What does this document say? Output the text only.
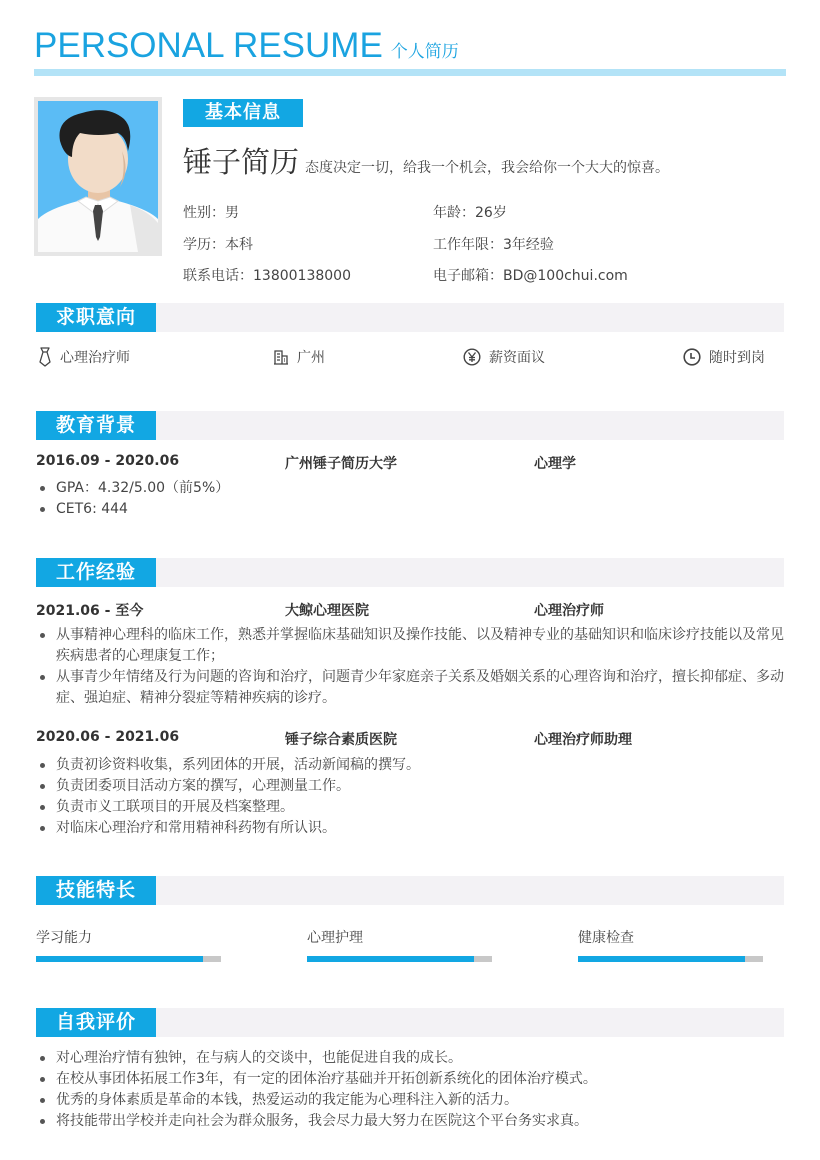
PERSONAL RESUME 个人简历
基本信息
锤子简历 态度决定一切，给我一个机会，我会给你一个大大的惊喜。
性别：男	年龄：26岁
学历：本科	工作年限：3年经验
联系电话：13800138000	电子邮箱：BD@100chui.com
求职意向
心理治疗师	广州	薪资面议	随时到岗
教育背景
2016.09 - 2020.06	广州锤子简历大学	心理学
GPA：4.32/5.00（前5%）
CET6: 444
工作经验
2021.06 - 至今	大鲸心理医院	心理治疗师
从事精神心理科的临床工作，熟悉并掌握临床基础知识及操作技能、以及精神专业的基础知识和临床诊疗技能以及常见疾病患者的心理康复工作；
从事青少年情绪及行为问题的咨询和治疗，问题青少年家庭亲子关系及婚姻关系的心理咨询和治疗，擅长抑郁症、多动症、强迫症、精神分裂症等精神疾病的诊疗。
2020.06 - 2021.06	锤子综合素质医院	心理治疗师助理
负责初诊资料收集，系列团体的开展，活动新闻稿的撰写。
负责团委项目活动方案的撰写，心理测量工作。
负责市义工联项目的开展及档案整理。
对临床心理治疗和常用精神科药物有所认识。
技能特长
学习能力	心理护理	健康检查
自我评价
对心理治疗情有独钟，在与病人的交谈中，也能促进自我的成长。
在校从事团体拓展工作3年，有一定的团体治疗基础并开拓创新系统化的团体治疗模式。
优秀的身体素质是革命的本钱，热爱运动的我定能为心理科注入新的活力。
将技能带出学校并走向社会为群众服务，我会尽力最大努力在医院这个平台务实求真。
